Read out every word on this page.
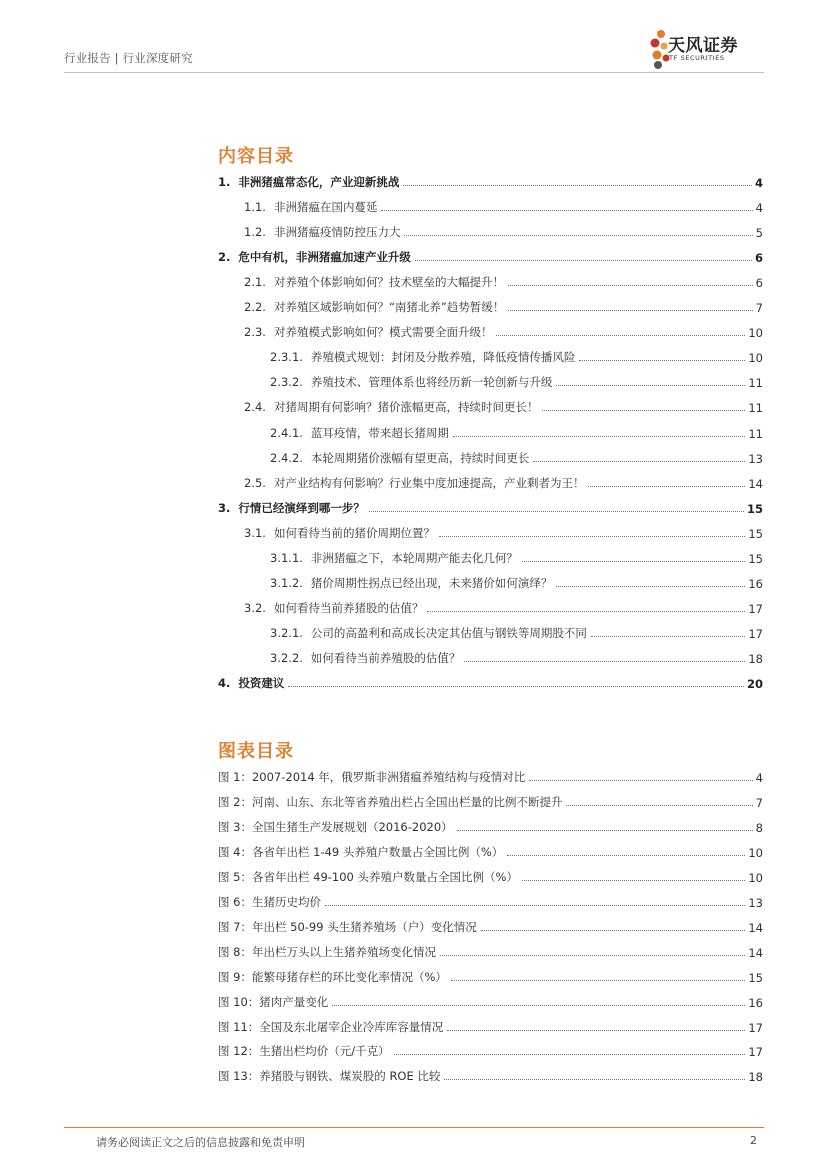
行业报告 | 行业深度研究
天风证券
TF SECURITIES
内容目录
1. 非洲猪瘟常态化，产业迎新挑战	4
1.1. 非洲猪瘟在国内蔓延	4
1.2. 非洲猪瘟疫情防控压力大	5
2. 危中有机，非洲猪瘟加速产业升级	6
2.1. 对养殖个体影响如何？技术壁垒的大幅提升！	6
2.2. 对养殖区域影响如何？“南猪北养”趋势暂缓！	7
2.3. 对养殖模式影响如何？模式需要全面升级！	10
2.3.1. 养殖模式规划：封闭及分散养殖，降低疫情传播风险	10
2.3.2. 养殖技术、管理体系也将经历新一轮创新与升级	11
2.4. 对猪周期有何影响？猪价涨幅更高，持续时间更长！	11
2.4.1. 蓝耳疫情，带来超长猪周期	11
2.4.2. 本轮周期猪价涨幅有望更高，持续时间更长	13
2.5. 对产业结构有何影响？行业集中度加速提高，产业剩者为王！	14
3. 行情已经演绎到哪一步？	15
3.1. 如何看待当前的猪价周期位置？	15
3.1.1. 非洲猪瘟之下，本轮周期产能去化几何？	15
3.1.2. 猪价周期性拐点已经出现，未来猪价如何演绎？	16
3.2. 如何看待当前养猪股的估值？	17
3.2.1. 公司的高盈利和高成长决定其估值与钢铁等周期股不同	17
3.2.2. 如何看待当前养殖股的估值？	18
4. 投资建议	20
图表目录
图 1：2007-2014 年，俄罗斯非洲猪瘟养殖结构与疫情对比	4
图 2：河南、山东、东北等省养殖出栏占全国出栏量的比例不断提升	7
图 3：全国生猪生产发展规划（2016-2020）	8
图 4：各省年出栏 1-49 头养殖户数量占全国比例（%）	10
图 5：各省年出栏 49-100 头养殖户数量占全国比例（%）	10
图 6：生猪历史均价	13
图 7：年出栏 50-99 头生猪养殖场（户）变化情况	14
图 8：年出栏万头以上生猪养殖场变化情况	14
图 9：能繁母猪存栏的环比变化率情况（%）	15
图 10：猪肉产量变化	16
图 11：全国及东北屠宰企业冷库库容量情况	17
图 12：生猪出栏均价（元/千克）	17
图 13：养猪股与钢铁、煤炭股的 ROE 比较	18
请务必阅读正文之后的信息披露和免责申明	2
